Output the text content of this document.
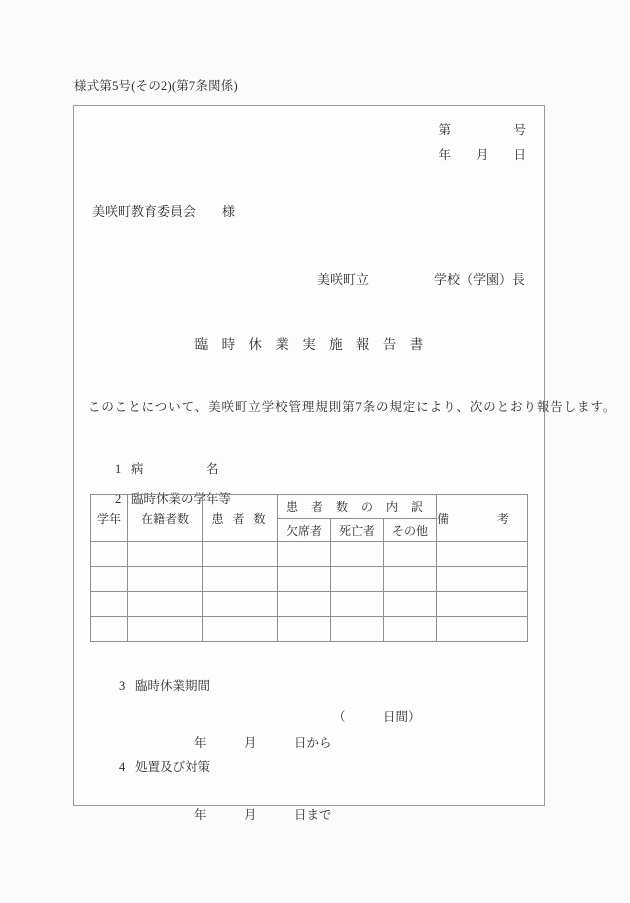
様式第5号(その2)(第7条関係)
第　　　　　号
年　　月　　日
美咲町教育委員会　　様
美咲町立　　　　　学校（学園）長
臨 時 休 業 実 施 報 告 書
このことについて、美咲町立学校管理規則第7条の規定により、次のとおり報告します。

1 病　　　　　名

2 臨時休業の学年等

学年	在籍者数	患 者 数	患 者 数 の 内 訳			備　考
			欠席者	死亡者	その他	

3 臨時休業期間

年　　　月　　　日から

年　　　月　　　日まで

（　　　日間）

4 処置及び対策
